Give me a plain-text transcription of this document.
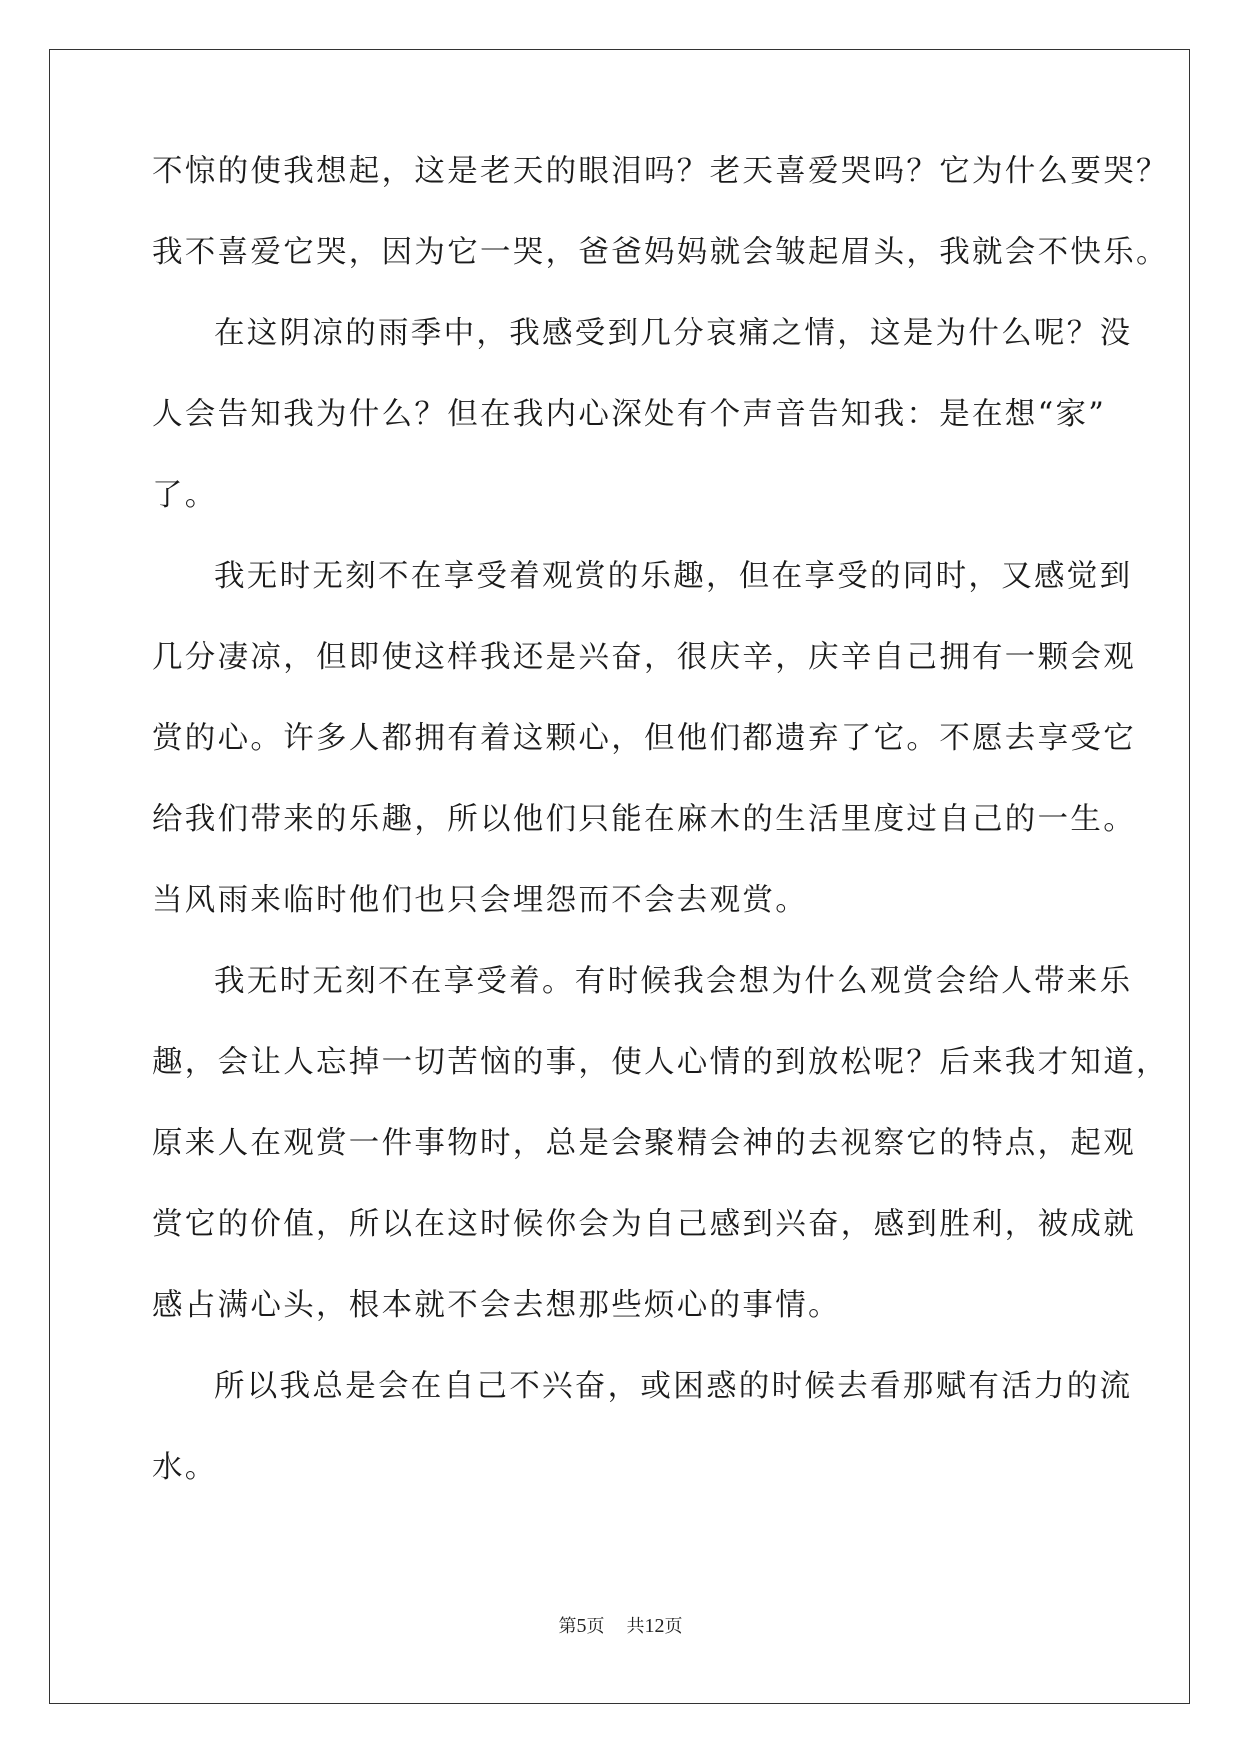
不惊的使我想起，这是老天的眼泪吗？老天喜爱哭吗？它为什么要哭？
我不喜爱它哭，因为它一哭，爸爸妈妈就会皱起眉头，我就会不快乐。
在这阴凉的雨季中，我感受到几分哀痛之情，这是为什么呢？没
人会告知我为什么？但在我内心深处有个声音告知我：是在想“家”
了。
我无时无刻不在享受着观赏的乐趣，但在享受的同时，又感觉到
几分凄凉，但即使这样我还是兴奋，很庆辛，庆辛自己拥有一颗会观
赏的心。许多人都拥有着这颗心，但他们都遗弃了它。不愿去享受它
给我们带来的乐趣，所以他们只能在麻木的生活里度过自己的一生。
当风雨来临时他们也只会埋怨而不会去观赏。
我无时无刻不在享受着。有时候我会想为什么观赏会给人带来乐
趣，会让人忘掉一切苦恼的事，使人心情的到放松呢？后来我才知道，
原来人在观赏一件事物时，总是会聚精会神的去视察它的特点，起观
赏它的价值，所以在这时候你会为自己感到兴奋，感到胜利，被成就
感占满心头，根本就不会去想那些烦心的事情。
所以我总是会在自己不兴奋，或困惑的时候去看那赋有活力的流
水。
第5页 共12页
